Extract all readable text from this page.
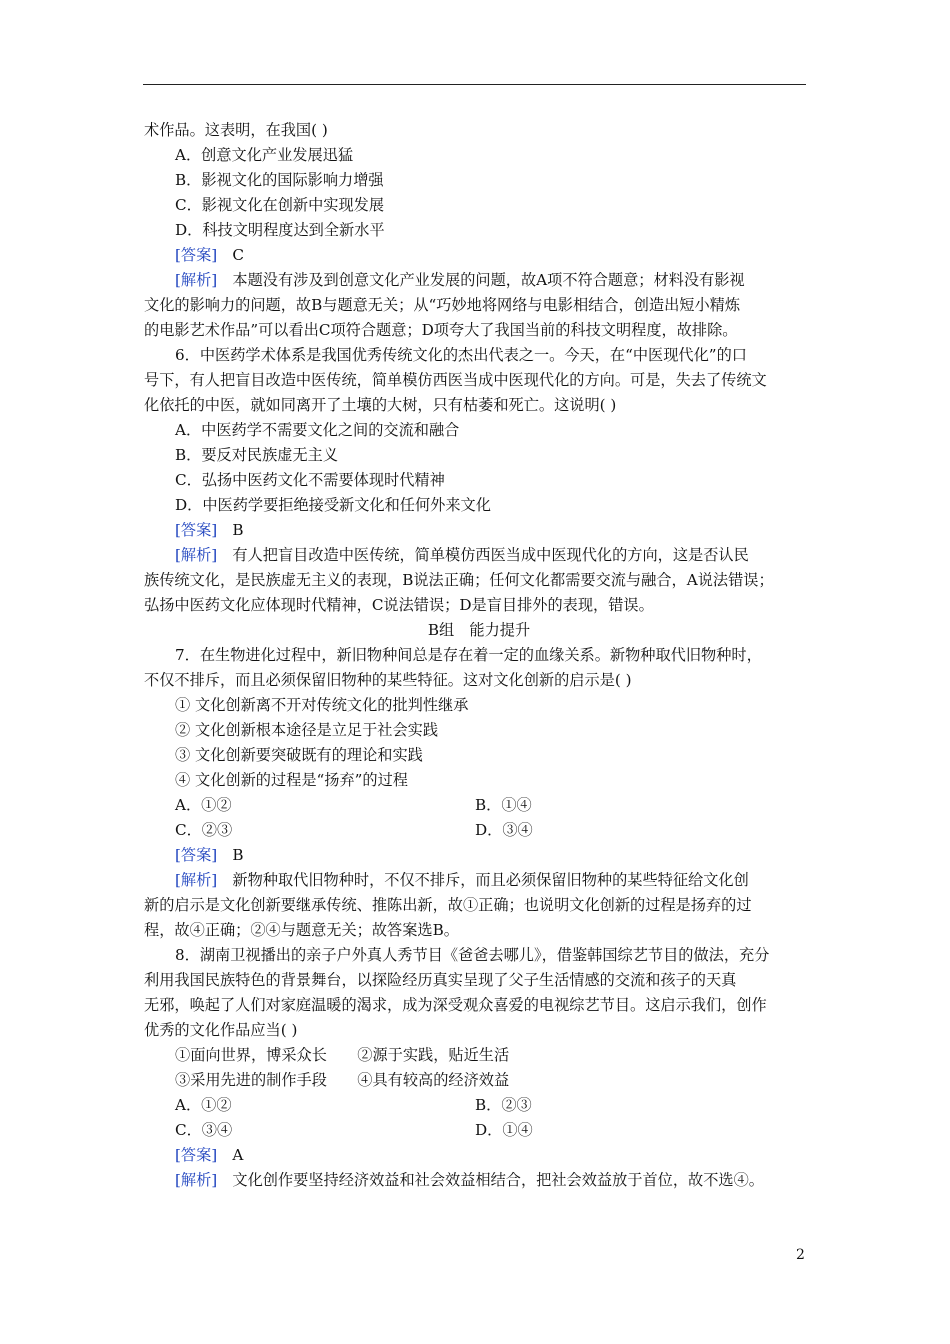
术作品。这表明，在我国( )
A．创意文化产业发展迅猛
B．影视文化的国际影响力增强
C．影视文化在创新中实现发展
D．科技文明程度达到全新水平
[答案]　C
[解析]　本题没有涉及到创意文化产业发展的问题，故A项不符合题意；材料没有影视
文化的影响力的问题，故B与题意无关；从“巧妙地将网络与电影相结合，创造出短小精炼
的电影艺术作品”可以看出C项符合题意；D项夸大了我国当前的科技文明程度，故排除。
6．中医药学术体系是我国优秀传统文化的杰出代表之一。今天，在“中医现代化”的口
号下，有人把盲目改造中医传统，简单模仿西医当成中医现代化的方向。可是，失去了传统文
化依托的中医，就如同离开了土壤的大树，只有枯萎和死亡。这说明( )
A．中医药学不需要文化之间的交流和融合
B．要反对民族虚无主义
C．弘扬中医药文化不需要体现时代精神
D．中医药学要拒绝接受新文化和任何外来文化
[答案]　B
[解析]　有人把盲目改造中医传统，简单模仿西医当成中医现代化的方向，这是否认民
族传统文化，是民族虚无主义的表现，B说法正确；任何文化都需要交流与融合，A说法错误；
弘扬中医药文化应体现时代精神，C说法错误；D是盲目排外的表现，错误。
B组　能力提升
7．在生物进化过程中，新旧物种间总是存在着一定的血缘关系。新物种取代旧物种时，
不仅不排斥，而且必须保留旧物种的某些特征。这对文化创新的启示是( )
① 文化创新离不开对传统文化的批判性继承
② 文化创新根本途径是立足于社会实践
③ 文化创新要突破既有的理论和实践
④ 文化创新的过程是“扬弃”的过程
A．①②	B．①④
C．②③	D．③④
[答案]　B
[解析]　新物种取代旧物种时，不仅不排斥，而且必须保留旧物种的某些特征给文化创
新的启示是文化创新要继承传统、推陈出新，故①正确；也说明文化创新的过程是扬弃的过
程，故④正确；②④与题意无关；故答案选B。
8．湖南卫视播出的亲子户外真人秀节目《爸爸去哪儿》，借鉴韩国综艺节目的做法，充分
利用我国民族特色的背景舞台，以探险经历真实呈现了父子生活情感的交流和孩子的天真
无邪，唤起了人们对家庭温暖的渴求，成为深受观众喜爱的电视综艺节目。这启示我们，创作
优秀的文化作品应当( )
①面向世界，博采众长　　②源于实践，贴近生活
③采用先进的制作手段　　④具有较高的经济效益
A．①②	B．②③
C．③④	D．①④
[答案]　A
[解析]　文化创作要坚持经济效益和社会效益相结合，把社会效益放于首位，故不选④。
2
